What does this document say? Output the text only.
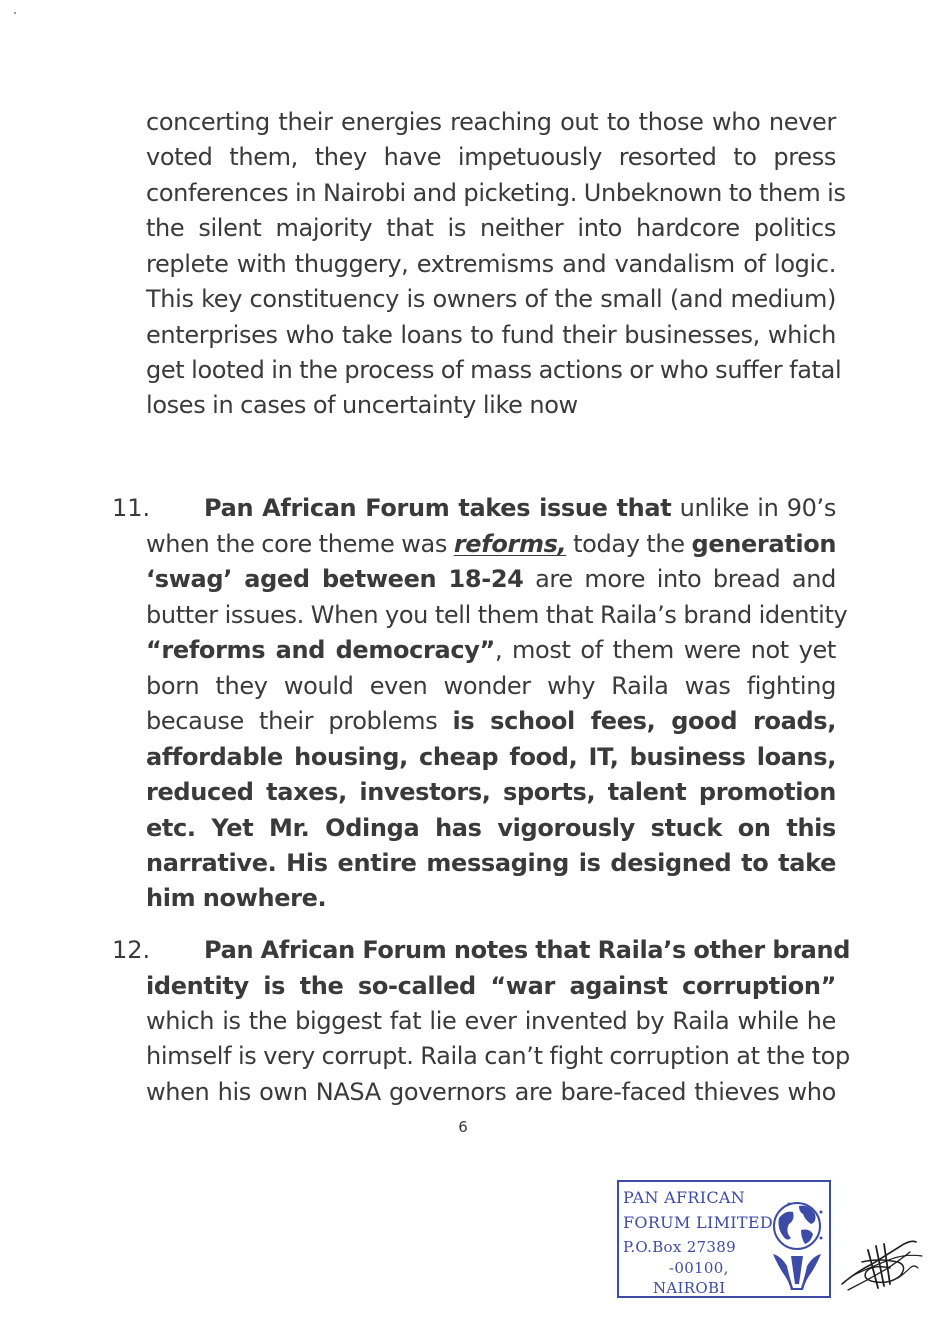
concerting their energies reaching out to those who never
voted them, they have impetuously resorted to press
conferences in Nairobi and picketing. Unbeknown to them is
the silent majority that is neither into hardcore politics
replete with thuggery, extremisms and vandalism of logic.
This key constituency is owners of the small (and medium)
enterprises who take loans to fund their businesses, which
get looted in the process of mass actions or who suffer fatal
loses in cases of uncertainty like now
11. Pan African Forum takes issue that unlike in 90’s
when the core theme was reforms, today the generation
‘swag’ aged between 18-24 are more into bread and
butter issues. When you tell them that Raila’s brand identity
“reforms and democracy”, most of them were not yet
born they would even wonder why Raila was fighting
because their problems is school fees, good roads,
affordable housing, cheap food, IT, business loans,
reduced taxes, investors, sports, talent promotion
etc. Yet Mr. Odinga has vigorously stuck on this
narrative. His entire messaging is designed to take
him nowhere.
12. Pan African Forum notes that Raila’s other brand
identity is the so-called “war against corruption”
which is the biggest fat lie ever invented by Raila while he
himself is very corrupt. Raila can’t fight corruption at the top
when his own NASA governors are bare-faced thieves who
6
PAN AFRICAN
FORUM LIMITED
P.O.Box 27389
-00100,
NAIROBI
